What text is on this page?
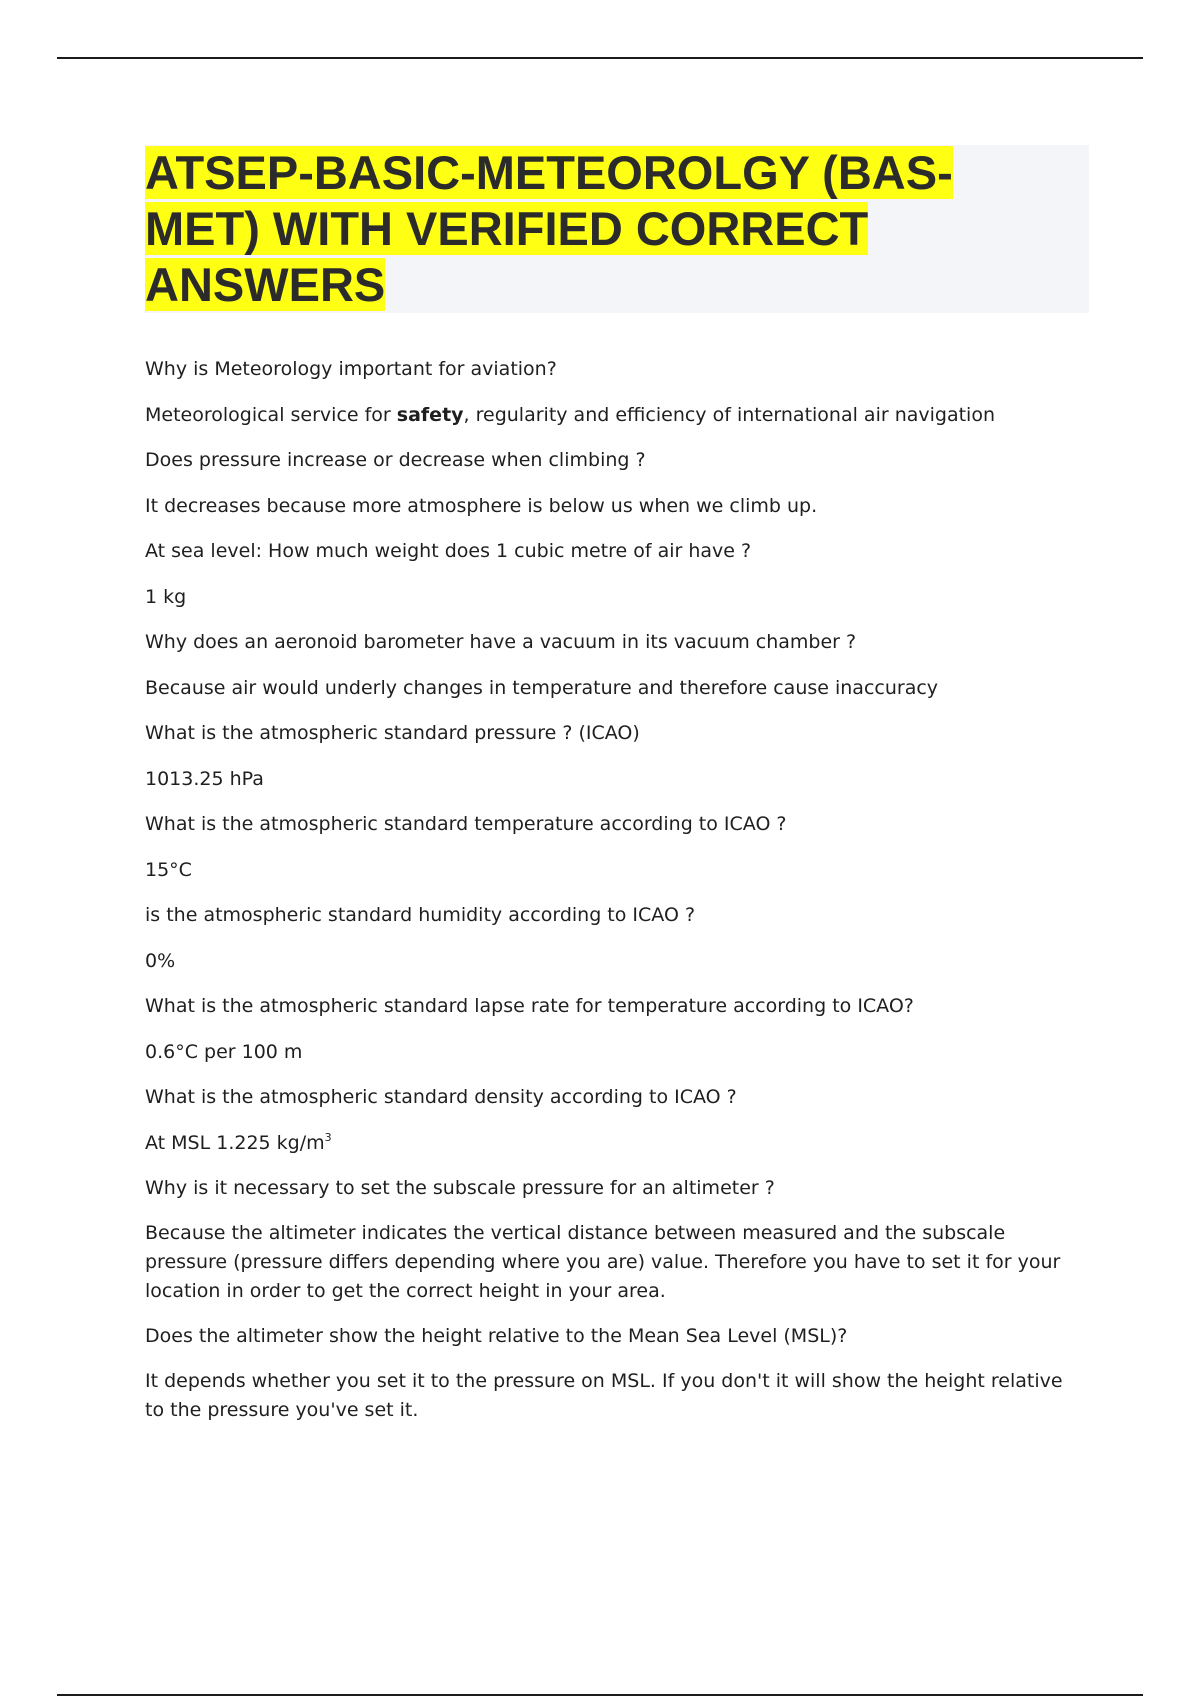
ATSEP-BASIC-METEOROLGY (BAS-
MET) WITH VERIFIED CORRECT
ANSWERS

Why is Meteorology important for aviation?

Meteorological service for safety, regularity and efficiency of international air navigation

Does pressure increase or decrease when climbing ?

It decreases because more atmosphere is below us when we climb up.

At sea level: How much weight does 1 cubic metre of air have ?

1 kg

Why does an aeronoid barometer have a vacuum in its vacuum chamber ?

Because air would underly changes in temperature and therefore cause inaccuracy

What is the atmospheric standard pressure ? (ICAO)

1013.25 hPa

What is the atmospheric standard temperature according to ICAO ?

15°C

is the atmospheric standard humidity according to ICAO ?

0%

What is the atmospheric standard lapse rate for temperature according to ICAO?

0.6°C per 100 m

What is the atmospheric standard density according to ICAO ?

At MSL 1.225 $kg/m^3$

Why is it necessary to set the subscale pressure for an altimeter ?

Because the altimeter indicates the vertical distance between measured and the subscale pressure (pressure differs depending where you are) value. Therefore you have to set it for your location in order to get the correct height in your area.

Does the altimeter show the height relative to the Mean Sea Level (MSL)?

It depends whether you set it to the pressure on MSL. If you don't it will show the height relative to the pressure you've set it.
